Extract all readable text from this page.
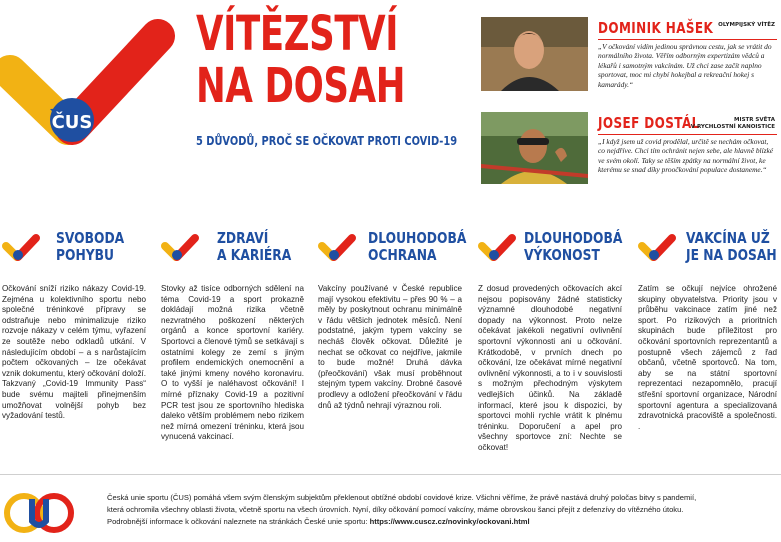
ČUS
VÍTĚZSTVÍ
NA DOSAH
5 DŮVODŮ, PROČ SE OČKOVAT PROTI COVID-19
DOMINIK HAŠEK OLYMPIJSKÝ VÍTĚZ
„V očkování vidím jedinou správnou cestu, jak se vrátit do normálního života. Věřím odborným expertizám vědců a lékařů i samotným vakcínám. Už chci zase začít naplno sportovat, moc mi chybí hokejbal a rekreační hokej s kamarády.“
JOSEF DOSTÁL	MISTR SVĚTA
V RYCHLOSTNÍ KANOISTICE
„I když jsem už covid prodělal, určitě se nechám očkovat, co nejdříve. Chci tím ochránit nejen sebe, ale hlavně blízké ve svém okolí. Taky se těším zpátky na normální život, ke kterému se snad díky proočkování populace dostaneme.“
SVOBODA
POHYBU
Očkování sníží riziko nákazy Covid-19. Zejména u kolektivního sportu nebo společné tréninkové přípravy se odstraňuje nebo minimalizuje riziko rozvoje nákazy v celém týmu, vyřazení ze soutěže nebo odkladů utkání. V následujícím období – a s narůstajícím počtem očkovaných – lze očekávat vznik dokumentu, který očkování doloží. Takzvaný „Covid-19 Immunity Pass“ bude svému majiteli přinejmenším umožňovat volnější pohyb bez vyžadování testů.
ZDRAVÍ
A KARIÉRA
Stovky až tisíce odborných sdělení na téma Covid-19 a sport prokazně dokládají možná rizika včetně nezvratného poškození některých orgánů a konce sportovní kariéry. Sportovci a členové týmů se setkávají s ostatními kolegy ze zemí s jiným profilem endemických onemocnění a také jinými kmeny nového koronaviru. O to vyšší je naléhavost očkování! I mírné příznaky Covid-19 a pozitivní PCR test jsou ze sportovního hlediska daleko větším problémem nebo rizikem než mírná omezení tréninku, která jsou vynucená vakcinací.
DLOUHODOBÁ
OCHRANA
Vakcíny používané v České republice mají vysokou efektivitu – přes 90 % – a měly by poskytnout ochranu minimálně v řádu většich jednotek měsíců. Není podstatné, jakým typem vakcíny se necháš člověk očkovat. Důležité je nechat se očkovat co nejdříve, jakmile to bude možné! Druhá dávka (přeočkování) však musí proběhnout stejným typem vakcíny. Drobné časové prodlevy a odložení přeočkování v řádu dnů až týdnů nehrají výraznou roli.
DLOUHODOBÁ
VÝKONOST
Z dosud provedených očkovacích akcí nejsou popisovány žádné statisticky významné dlouhodobé negativní dopady na výkonnost. Proto nelze očekávat jakékoli negativní ovlivnění sportovní výkonnosti ani u očkování. Krátkodobě, v prvních dnech po očkování, lze očekávat mírné negativní ovlivnění výkonnosti, a to i v souvislosti s možným přechodným výskytem vedlejších účinků. Na základě informací, které jsou k dispozici, by sportovci mohli rychle vrátit k plnému tréninku. Doporučení a apel pro všechny sportovce zní: Nechte se očkovat!
VAKCÍNA UŽ
JE NA DOSAH
Zatím se očkují nejvíce ohrožené skupiny obyvatelstva. Priority jsou v průběhu vakcinace zatím jiné než sport. Po rizikových a prioritních skupinách bude příležitost pro očkování sportovních reprezentantů a postupně všech zájemců z řad občanů, včetně sportovců. Na tom, aby se na státní sportovní reprezentaci nezapomnělo, pracují střešní sportovní organizace, Národní sportovní agentura a specializovaná zdravotnická pracoviště a společnosti. .
Česká unie sportu (ČUS) pomáhá všem svým členským subjektům překlenout obtížné období covidové krize. Všichni věříme, že právě nastává druhý poločas bitvy s pandemií,
která ochromila všechny oblasti života, včetně sportu na všech úrovních. Nyní, díky očkování pomocí vakcíny, máme obrovskou šanci přejít z defenzívy do vítězného útoku.
Podrobnější informace k očkování naleznete na stránkách České unie sportu: https://www.cuscz.cz/novinky/ockovani.html
